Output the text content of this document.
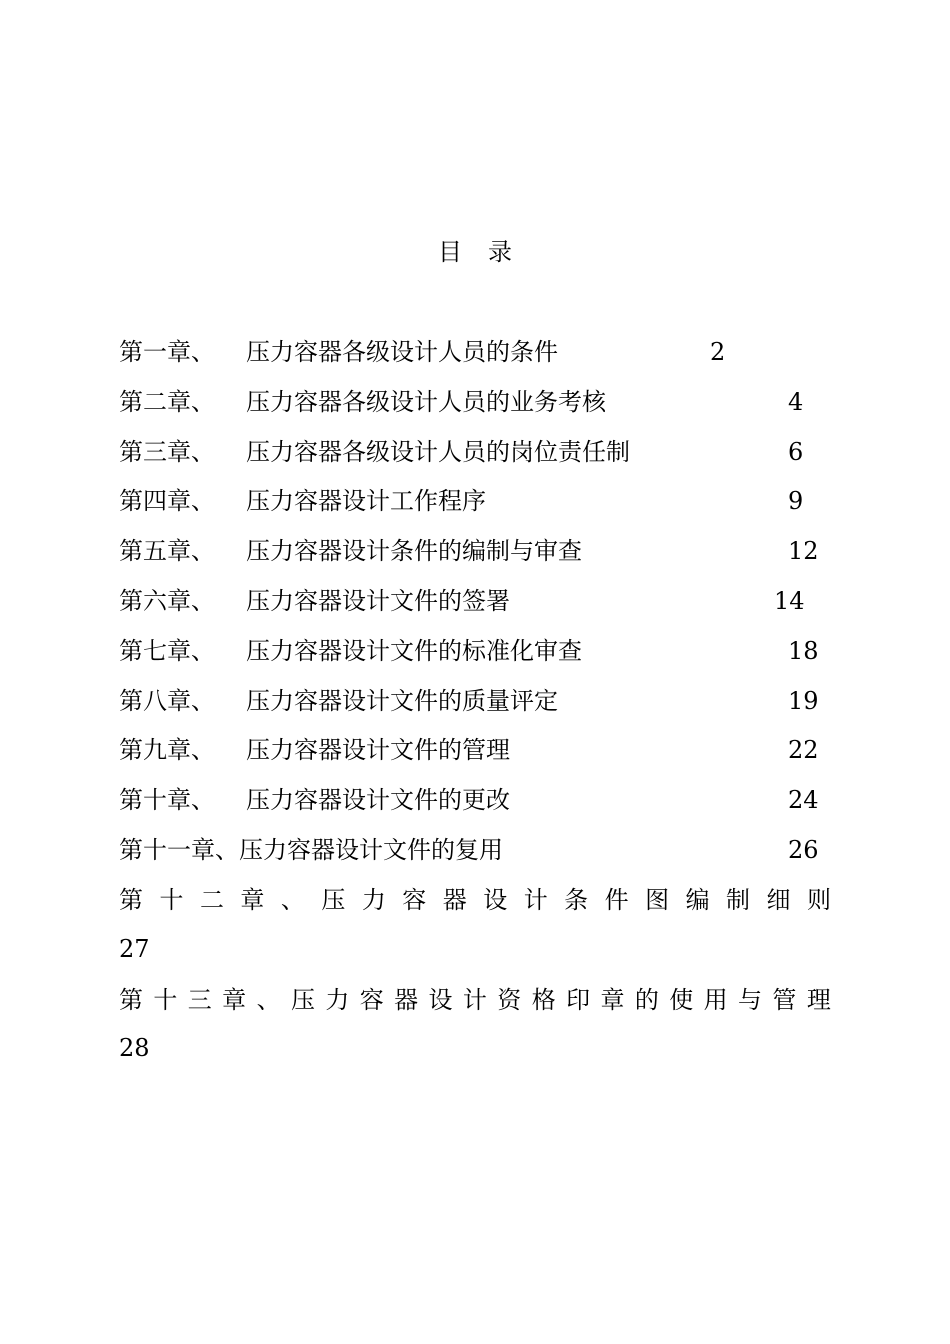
目录
第一章、 压力容器各级设计人员的条件	2
第二章、 压力容器各级设计人员的业务考核	4
第三章、 压力容器各级设计人员的岗位责任制	6
第四章、 压力容器设计工作程序	9
第五章、 压力容器设计条件的编制与审查	12
第六章、 压力容器设计文件的签署	14
第七章、 压力容器设计文件的标准化审查	18
第八章、 压力容器设计文件的质量评定	19
第九章、 压力容器设计文件的管理	22
第十章、 压力容器设计文件的更改	24
第十一章、压力容器设计文件的复用	26
第 十 二 章 、 压 力 容 器 设 计 条 件 图 编 制 细 则
27
第 十 三 章 、 压 力 容 器 设 计 资 格 印 章 的 使 用 与 管 理
28
